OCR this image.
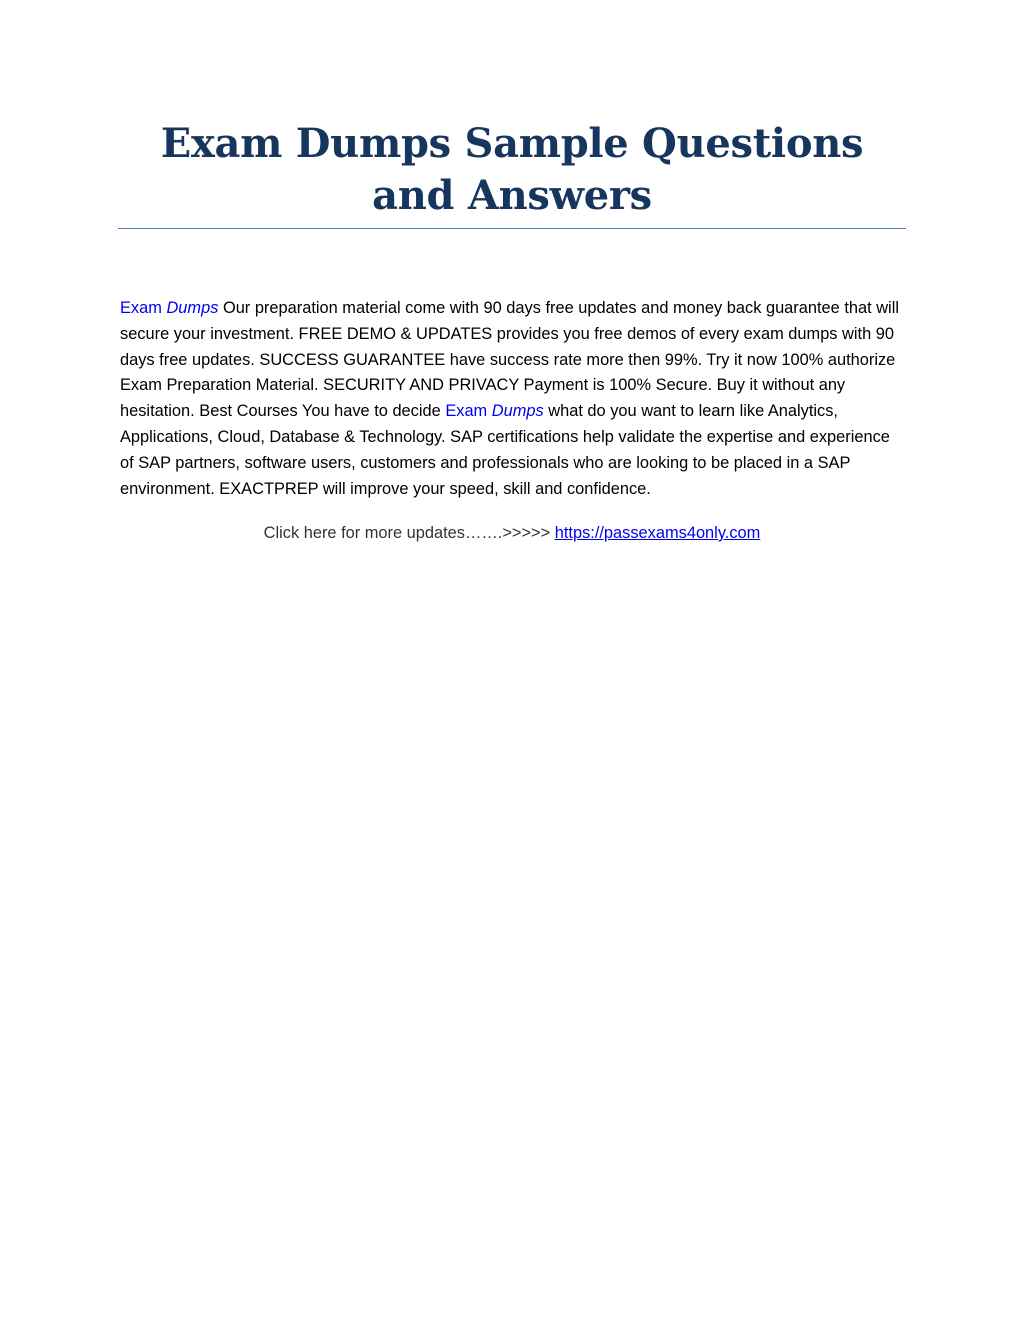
Exam Dumps Sample Questions and Answers

Exam Dumps Our preparation material come with 90 days free updates and money back guarantee that will secure your investment. FREE DEMO & UPDATES provides you free demos of every exam dumps with 90 days free updates. SUCCESS GUARANTEE have success rate more then 99%. Try it now 100% authorize Exam Preparation Material. SECURITY AND PRIVACY Payment is 100% Secure. Buy it without any hesitation. Best Courses You have to decide Exam Dumps what do you want to learn like Analytics, Applications, Cloud, Database & Technology. SAP certifications help validate the expertise and experience of SAP partners, software users, customers and professionals who are looking to be placed in a SAP environment. EXACTPREP will improve your speed, skill and confidence.

Click here for more updates…….>>>>> https://passexams4only.com
